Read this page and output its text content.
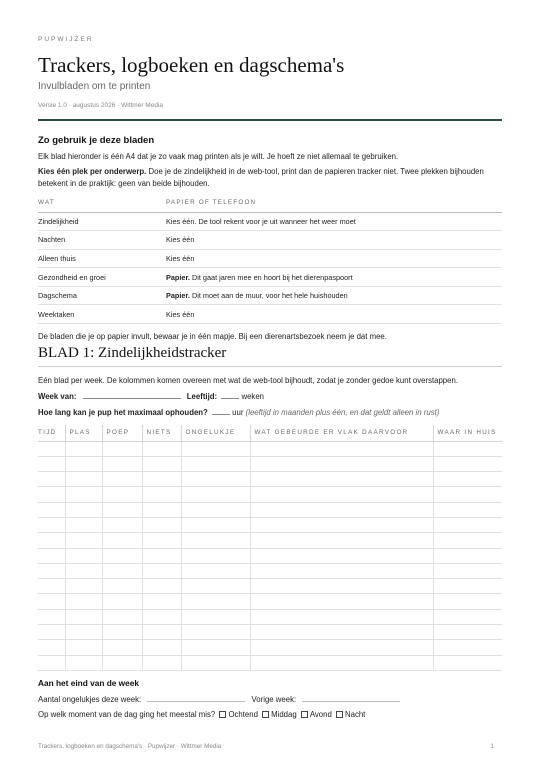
PUPWIJZER
Trackers, logboeken en dagschema's
Invulbladen om te printen
Versie 1.0 · augustus 2026 · Wittmer Media
Zo gebruik je deze bladen
Elk blad hieronder is één A4 dat je zo vaak mag printen als je wilt. Je hoeft ze niet allemaal te gebruiken.
Kies één plek per onderwerp. Doe je de zindelijkheid in de web-tool, print dan de papieren tracker niet. Twee plekken bijhouden betekent in de praktijk: geen van beide bijhouden.
WAT	PAPIER OF TELEFOON
Zindelijkheid	Kies één. De tool rekent voor je uit wanneer het weer moet
Nachten	Kies één
Alleen thuis	Kies één
Gezondheid en groei	Papier. Dit gaat jaren mee en hoort bij het dierenpaspoort
Dagschema	Papier. Dit moet aan de muur, voor het hele huishouden
Weektaken	Kies één
De bladen die je op papier invult, bewaar je in één mapje. Bij een dierenartsbezoek neem je dat mee.
BLAD 1: Zindelijkheidstracker
Eén blad per week. De kolommen komen overeen met wat de web-tool bijhoudt, zodat je zonder gedoe kunt overstappen.
Week van:	Leeftijd:	weken
Hoe lang kan je pup het maximaal ophouden?	uur (leeftijd in maanden plus één, en dat geldt alleen in rust)
TIJD	PLAS	POEP	NIETS	ONGELUKJE	WAT GEBEURDE ER VLAK DAARVOOR	WAAR IN HUIS

Aan het eind van de week
Aantal ongelukjes deze week:	Vorige week:
Op welk moment van de dag ging het meestal mis? Ochtend Middag Avond Nacht
Trackers, logboeken en dagschema's · Pupwijzer · Wittmer Media	1
